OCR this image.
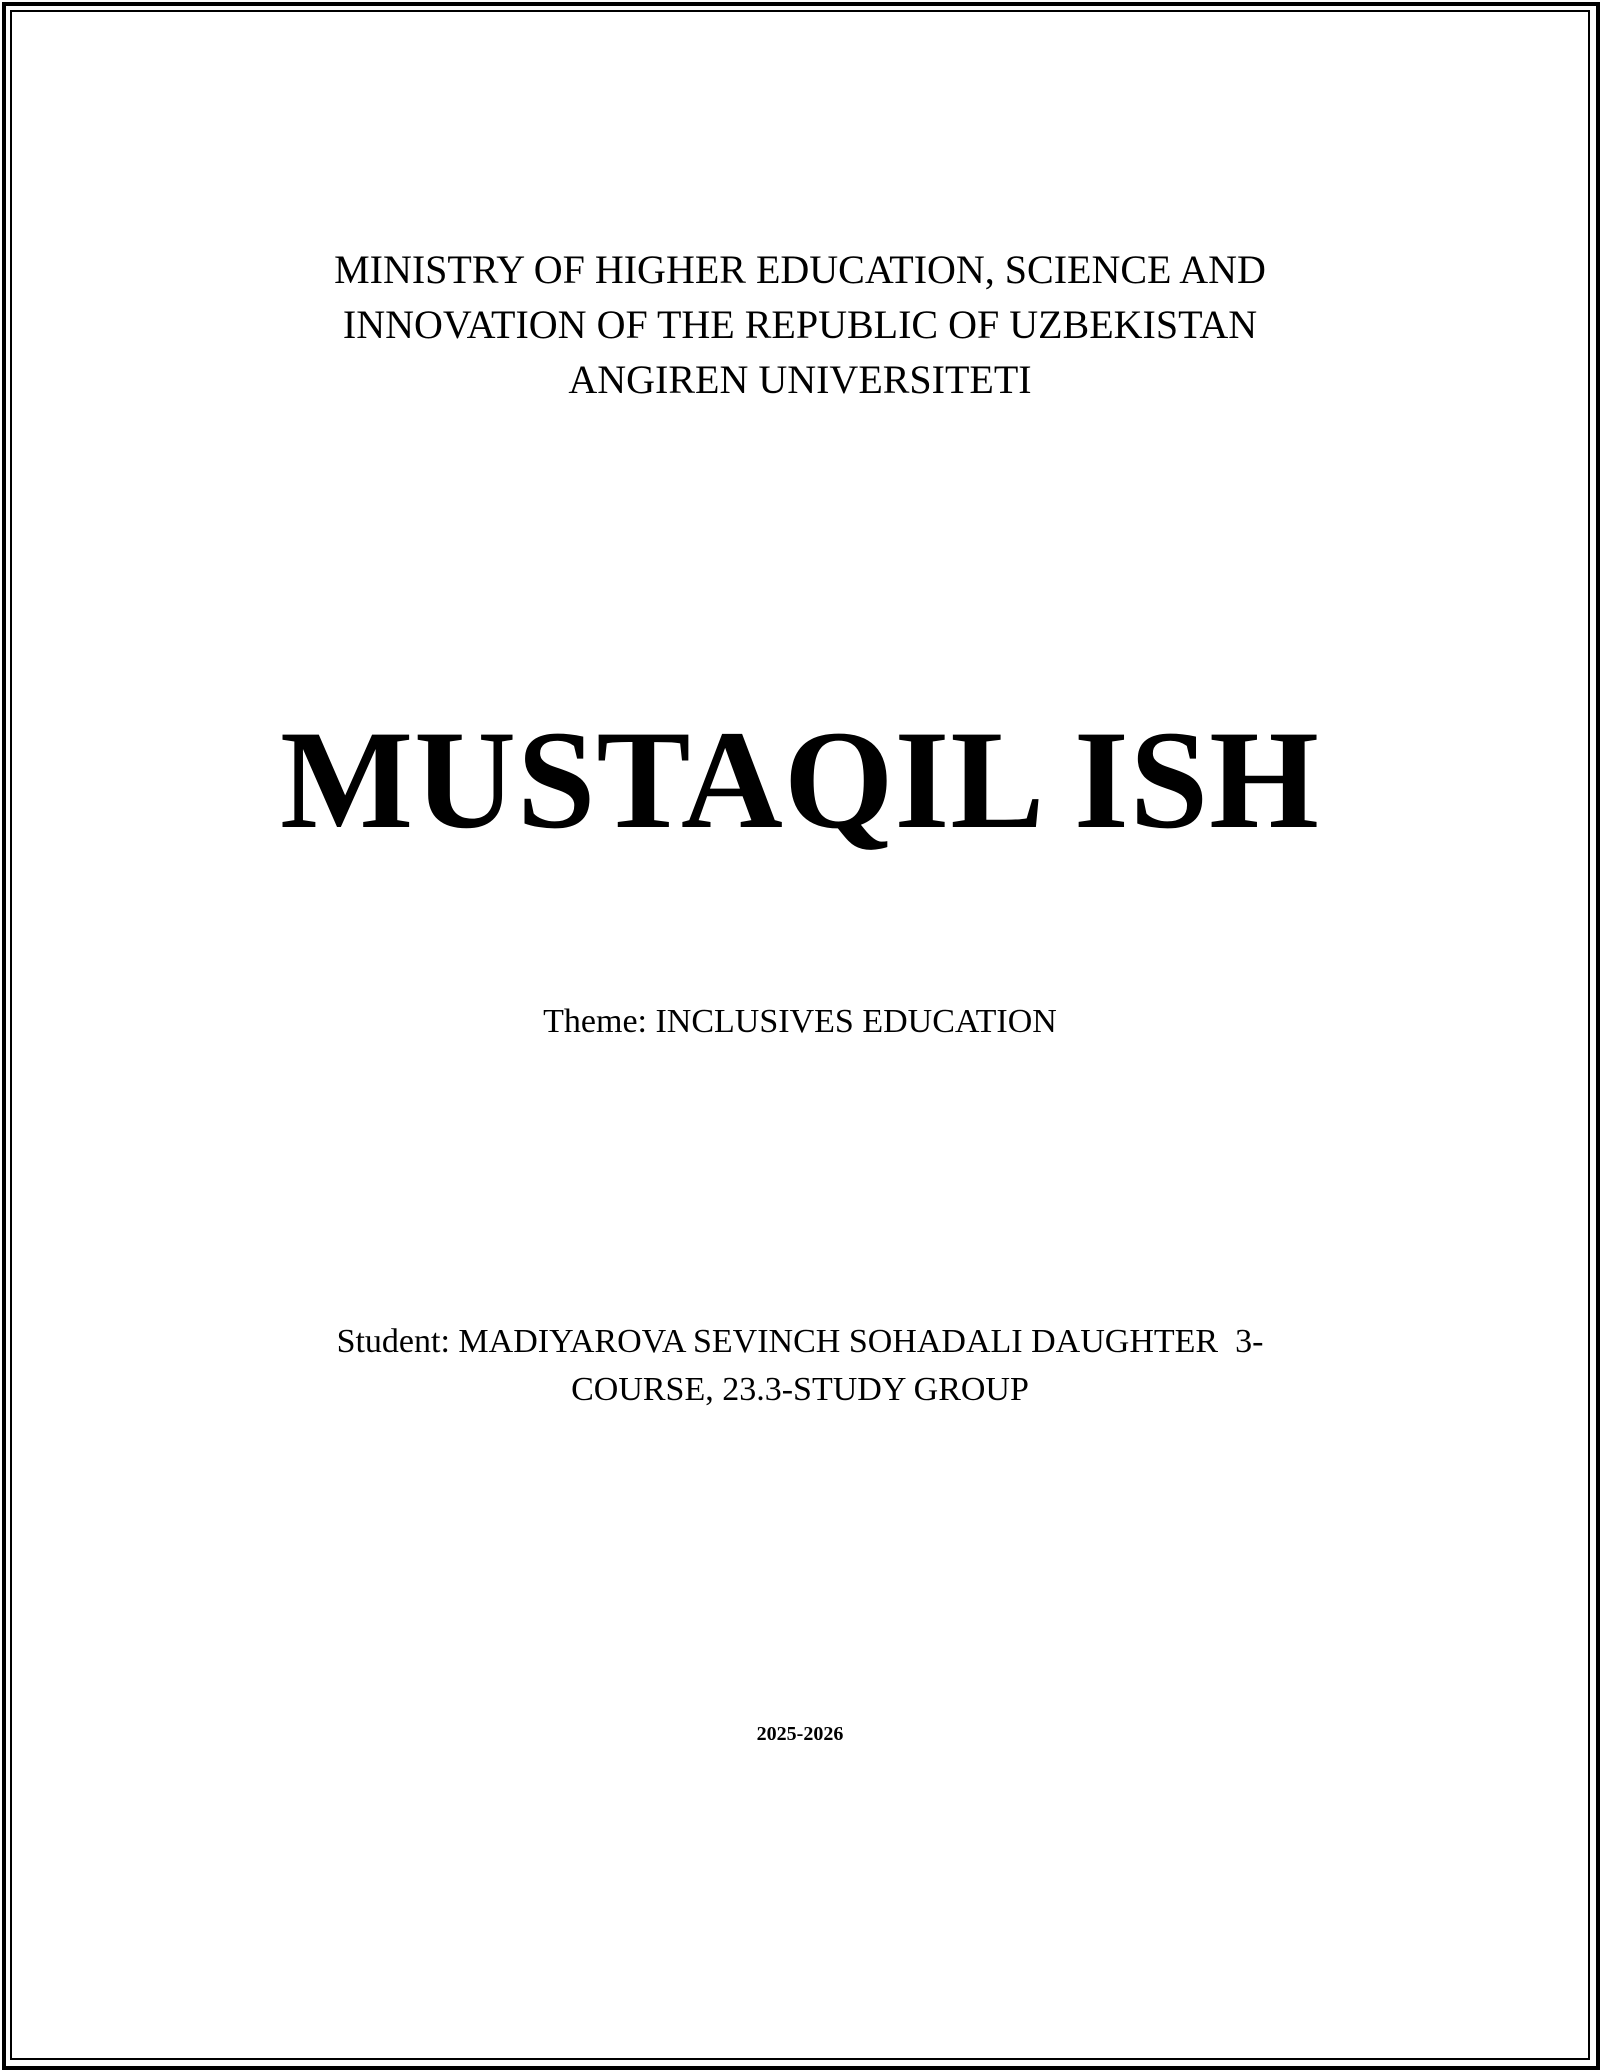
MINISTRY OF HIGHER EDUCATION, SCIENCE AND
INNOVATION OF THE REPUBLIC OF UZBEKISTAN
ANGIREN UNIVERSITETI
MUSTAQIL ISH
Theme: INCLUSIVES EDUCATION
Student: MADIYAROVA SEVINCH SOHADALI DAUGHTER  3-
COURSE, 23.3-STUDY GROUP
2025-2026
